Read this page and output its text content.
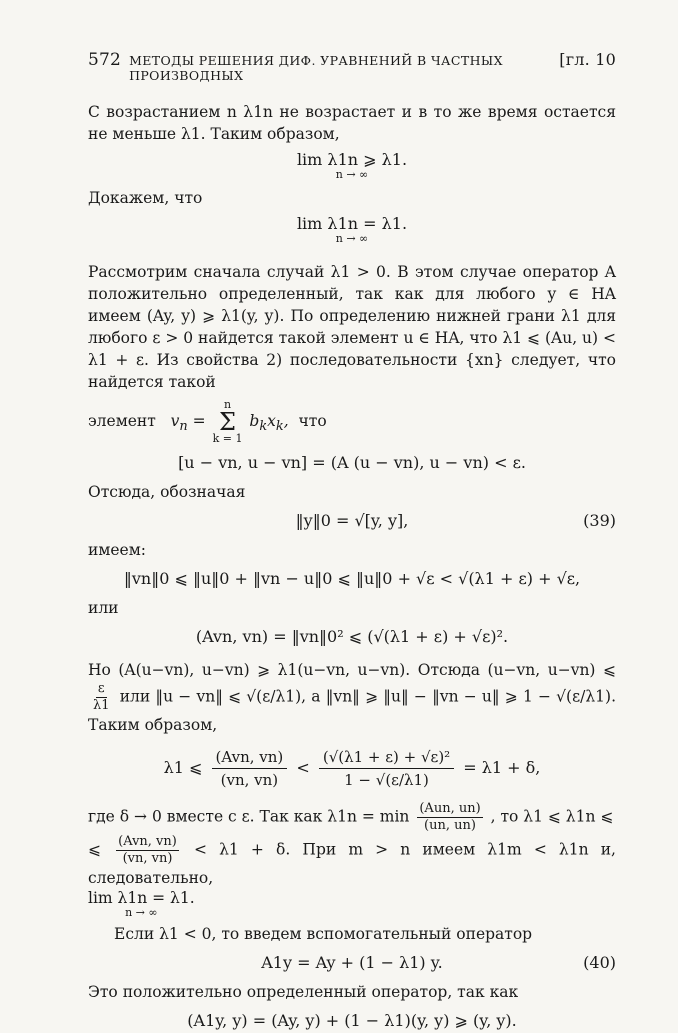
572 МЕТОДЫ РЕШЕНИЯ ДИФ. УРАВНЕНИЙ В ЧАСТНЫХ ПРОИЗВОДНЫХ
[гл. 10

С возрастанием n λ1n не возрастает и в то же время остается не меньше λ1. Таким образом,

lim λ1n ⩾ λ1.
n → ∞

Докажем, что

lim λ1n = λ1.
n → ∞

Рассмотрим сначала случай λ1 > 0. В этом случае оператор A положительно определенный, так как для любого y ∈ HA имеем (Ay, y) ⩾ λ1(y, y). По определению нижней грани λ1 для любого ε > 0 найдется такой элемент u ∈ HA, что λ1 ⩽ (Au, u) < λ1 + ε. Из свойства 2) последовательности {xn} следует, что найдется такой

элемент $v_n$ =
n
Σ
k = 1
$b_kx_k$, что

[u − vn, u − vn] = (A (u − vn), u − vn) < ε.

Отсюда, обозначая

‖y‖0 = √[y, y],	(39)

имеем:

‖vn‖0 ⩽ ‖u‖0 + ‖vn − u‖0 ⩽ ‖u‖0 + √ε < √(λ1 + ε) + √ε,

или

(Avn, vn) = ‖vn‖0² ⩽ (√(λ1 + ε) + √ε)².

Но (A(u−vn), u−vn) ⩾ λ1(u−vn, u−vn). Отсюда (u−vn, u−vn) ⩽
$\frac{\varepsilon}{\lambda 1}$ или ‖u − vn‖ ⩽ √(ε/λ1), а ‖vn‖ ⩾ ‖u‖ − ‖vn − u‖ ⩾ 1 − √(ε/λ1). Таким образом,

λ1 ⩽ $\frac{\text{(Avn, vn)}}{(vn, vn)} < \frac{\text{(√(λ1 + ε) + √ε)²}}{1 - √(\varepsilon/\lambda 1)} = \lambda 1 + \delta$,

где δ → 0 вместе с ε. Так как $\lambda 1n = \min \frac{\text{(Aun, un)}}{(un, un)}$ , то λ1 ⩽ λ1n ⩽

⩽ $\frac{\text{(Avn, vn)}}{(vn, vn)} < \lambda 1 + \delta$. При m > n имеем λ1m < λ1n и, следовательно,

lim λ1n = λ1.
n → ∞

Если λ1 < 0, то введем вспомогательный оператор

A1y = Ay + (1 − λ1) y.	(40)

Это положительно определенный оператор, так как

(A1y, y) = (Ay, y) + (1 − λ1)(y, y) ⩾ (y, y).
